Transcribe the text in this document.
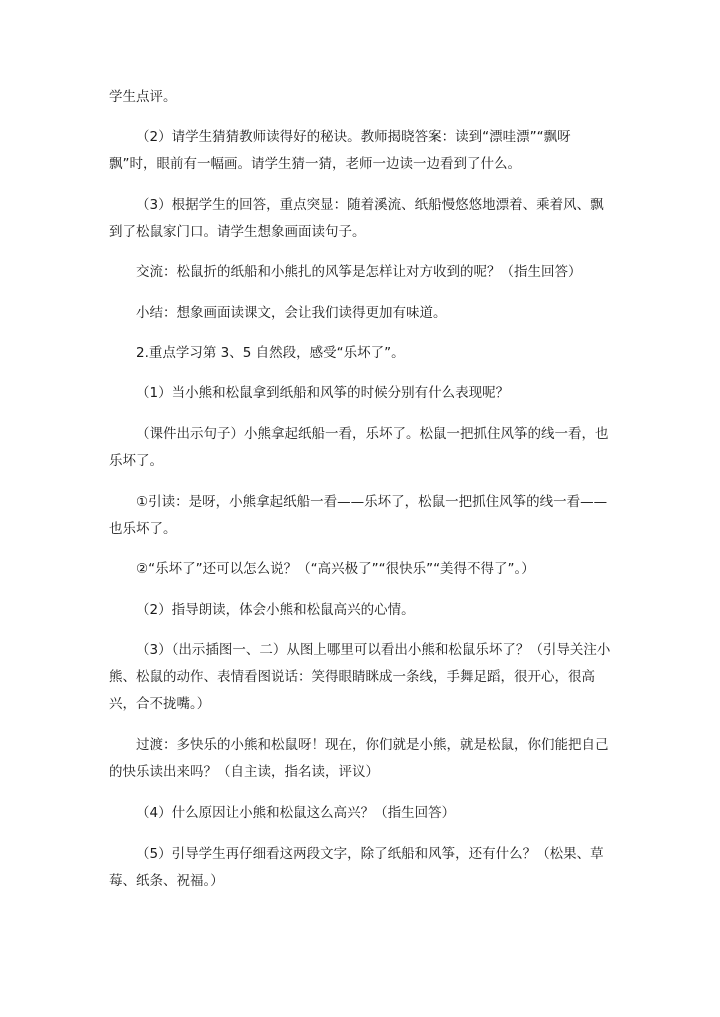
学生点评。

（2）请学生猜猜教师读得好的秘诀。教师揭晓答案：读到“漂哇漂”“飘呀飘”时，眼前有一幅画。请学生猜一猜，老师一边读一边看到了什么。

（3）根据学生的回答，重点突显：随着溪流、纸船慢悠悠地漂着、乘着风、飘到了松鼠家门口。请学生想象画面读句子。

交流：松鼠折的纸船和小熊扎的风筝是怎样让对方收到的呢？（指生回答）

小结：想象画面读课文，会让我们读得更加有味道。

2.重点学习第 3、5 自然段，感受“乐坏了”。

（1）当小熊和松鼠拿到纸船和风筝的时候分别有什么表现呢？

（课件出示句子）小熊拿起纸船一看，乐坏了。松鼠一把抓住风筝的线一看，也乐坏了。

①引读：是呀，小熊拿起纸船一看——乐坏了，松鼠一把抓住风筝的线一看——也乐坏了。

②“乐坏了”还可以怎么说？（“高兴极了”“很快乐”“美得不得了”。）

（2）指导朗读，体会小熊和松鼠高兴的心情。

（3）（出示插图一、二）从图上哪里可以看出小熊和松鼠乐坏了？（引导关注小熊、松鼠的动作、表情看图说话：笑得眼睛眯成一条线，手舞足蹈，很开心，很高兴，合不拢嘴。）

过渡：多快乐的小熊和松鼠呀！现在，你们就是小熊，就是松鼠，你们能把自己的快乐读出来吗？（自主读，指名读，评议）

（4）什么原因让小熊和松鼠这么高兴？（指生回答）

（5）引导学生再仔细看这两段文字，除了纸船和风筝，还有什么？（松果、草莓、纸条、祝福。）
